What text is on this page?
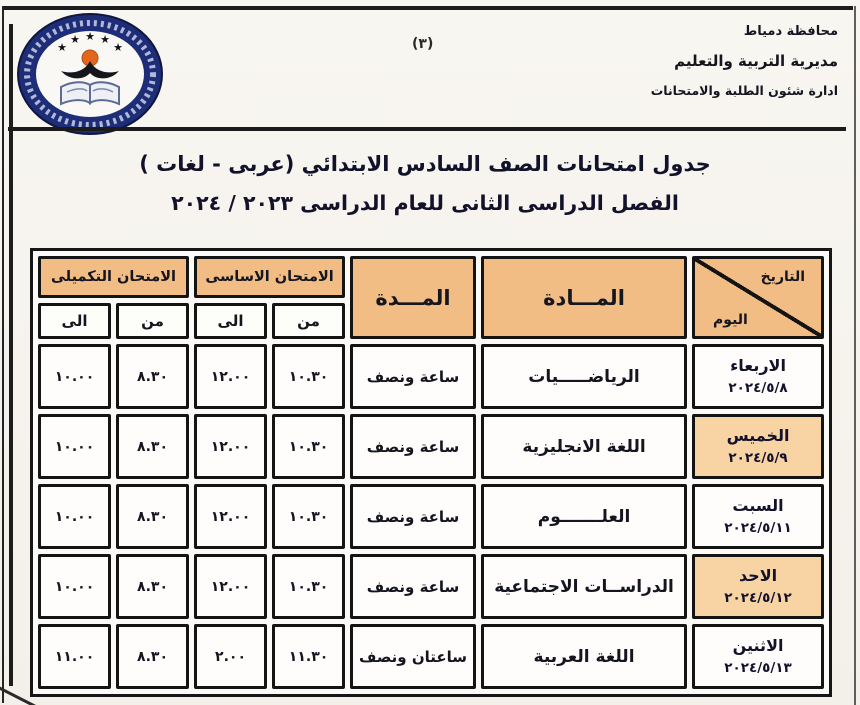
★
★ ★ ★
★
محافظة دمياط
مديرية التربية والتعليم
ادارة شئون الطلبة والامتحانات
(٣)
جدول امتحانات الصف السادس الابتدائي (عربى - لغات )
الفصل الدراسى الثانى للعام الدراسى ٢٠٢٣ / ٢٠٢٤
التاريخ
اليوم	المـــادة	المـــدة	الامتحان الاساسى		الامتحان التكميلى	
			من	الى	من	الى

الاربعاء
٢٠٢٤/٥/٨	الرياضـــــيات	ساعة ونصف	١٠.٣٠	١٢.٠٠	٨.٣٠	١٠.٠٠

الخميس
٢٠٢٤/٥/٩	اللغة الانجليزية	ساعة ونصف	١٠.٣٠	١٢.٠٠	٨.٣٠	١٠.٠٠

السبت
٢٠٢٤/٥/١١	العلـــــــوم	ساعة ونصف	١٠.٣٠	١٢.٠٠	٨.٣٠	١٠.٠٠

الاحد
٢٠٢٤/٥/١٢	الدراســات الاجتماعية	ساعة ونصف	١٠.٣٠	١٢.٠٠	٨.٣٠	١٠.٠٠

الاثنين
٢٠٢٤/٥/١٣	اللغة العربية	ساعتان ونصف	١١.٣٠	٢.٠٠	٨.٣٠	١١.٠٠
